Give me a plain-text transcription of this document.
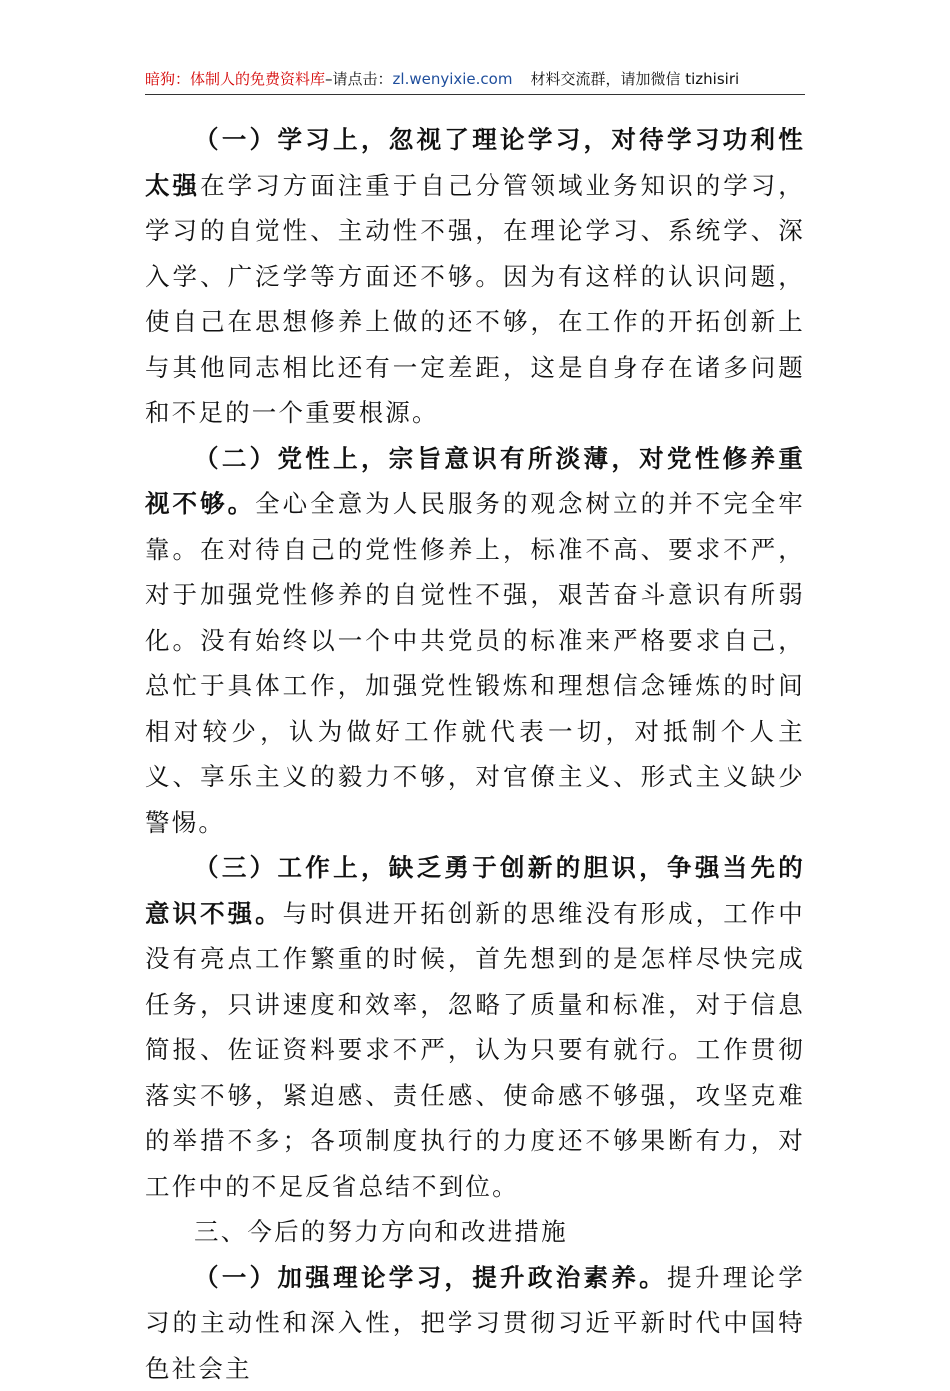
暗狗：体制人的免费资料库–请点击：zl.wenyixie.com 材料交流群，请加微信 tizhisiri

（一）学习上，忽视了理论学习，对待学习功利性太强在学习方面注重于自己分管领域业务知识的学习，学习的自觉性、主动性不强，在理论学习、系统学、深入学、广泛学等方面还不够。因为有这样的认识问题，使自己在思想修养上做的还不够，在工作的开拓创新上与其他同志相比还有一定差距，这是自身存在诸多问题和不足的一个重要根源。

（二）党性上，宗旨意识有所淡薄，对党性修养重视不够。全心全意为人民服务的观念树立的并不完全牢靠。在对待自己的党性修养上，标准不高、要求不严，对于加强党性修养的自觉性不强，艰苦奋斗意识有所弱化。没有始终以一个中共党员的标准来严格要求自己，总忙于具体工作，加强党性锻炼和理想信念锤炼的时间相对较少，认为做好工作就代表一切，对抵制个人主义、享乐主义的毅力不够，对官僚主义、形式主义缺少警惕。

（三）工作上，缺乏勇于创新的胆识，争强当先的意识不强。与时俱进开拓创新的思维没有形成，工作中没有亮点工作繁重的时候，首先想到的是怎样尽快完成任务，只讲速度和效率，忽略了质量和标准，对于信息简报、佐证资料要求不严，认为只要有就行。工作贯彻落实不够，紧迫感、责任感、使命感不够强，攻坚克难的举措不多；各项制度执行的力度还不够果断有力，对工作中的不足反省总结不到位。

三、今后的努力方向和改进措施

（一）加强理论学习，提升政治素养。提升理论学习的主动性和深入性，把学习贯彻习近平新时代中国特色社会主
